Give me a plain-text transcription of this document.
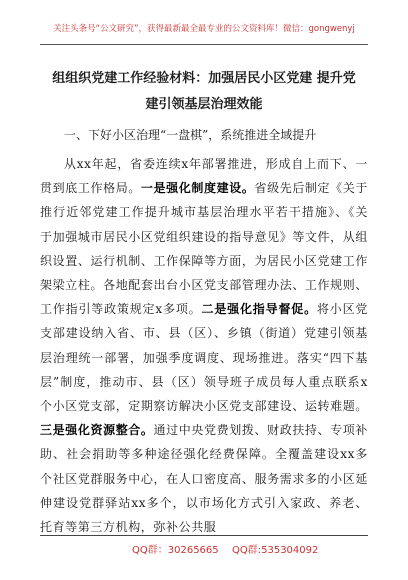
关注头条号“公文研究”，获得最新最全最专业的公文资料库！微信：gongwenyj
组组织党建工作经验材料：加强居民小区党建 提升党建引领基层治理效能
一、下好小区治理“一盘棋”，系统推进全域提升
从xx年起，省委连续x年部署推进，形成自上而下、一贯到底工作格局。一是强化制度建设。省级先后制定《关于推行近邻党建工作提升城市基层治理水平若干措施》、《关于加强城市居民小区党组织建设的指导意见》等文件，从组织设置、运行机制、工作保障等方面，为居民小区党建工作架梁立柱。各地配套出台小区党支部管理办法、工作规则、工作指引等政策规定x多项。二是强化指导督促。将小区党支部建设纳入省、市、县（区）、乡镇（街道）党建引领基层治理统一部署，加强季度调度、现场推进。落实“四下基层”制度，推动市、县（区）领导班子成员每人重点联系x个小区党支部，定期察访解决小区党支部建设、运转难题。三是强化资源整合。通过中央党费划拨、财政扶持、专项补助、社会捐助等多种途径强化经费保障。全覆盖建设xx多个社区党群服务中心，在人口密度高、服务需求多的小区延伸建设党群驿站xx多个，以市场化方式引入家政、养老、托育等第三方机构，弥补公共服
QQ群：30265665 QQ群:535304092
